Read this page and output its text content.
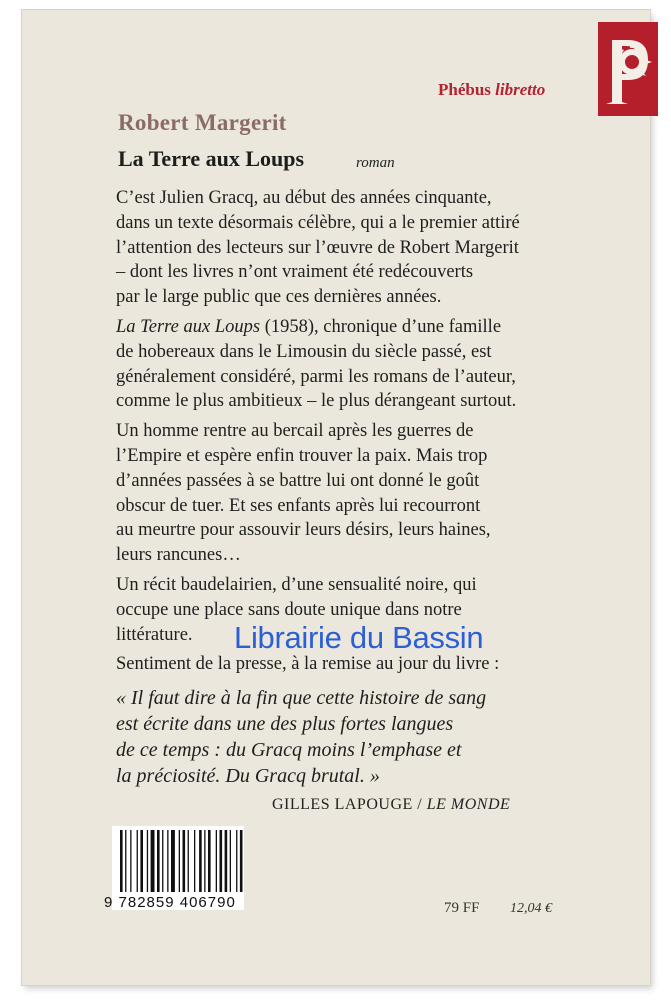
Phébus libretto
Robert Margerit
La Terre aux Loups	roman

C’est Julien Gracq, au début des années cinquante,
dans un texte désormais célèbre, qui a le premier attiré
l’attention des lecteurs sur l’œuvre de Robert Margerit
– dont les livres n’ont vraiment été redécouverts
par le large public que ces dernières années.

La Terre aux Loups (1958), chronique d’une famille
de hobereaux dans le Limousin du siècle passé, est
généralement considéré, parmi les romans de l’auteur,
comme le plus ambitieux – le plus dérangeant surtout.

Un homme rentre au bercail après les guerres de
l’Empire et espère enfin trouver la paix. Mais trop
d’années passées à se battre lui ont donné le goût
obscur de tuer. Et ses enfants après lui recourront
au meurtre pour assouvir leurs désirs, leurs haines,
leurs rancunes…

Un récit baudelairien, d’une sensualité noire, qui
occupe une place sans doute unique dans notre
littérature.

Sentiment de la presse, à la remise au jour du livre :

« Il faut dire à la fin que cette histoire de sang
est écrite dans une des plus fortes langues
de ce temps : du Gracq moins l’emphase et
la préciosité. Du Gracq brutal. »
GILLES LAPOUGE / LE MONDE
Librairie du Bassin
9 782859 406790	79 FF 12,04 €
